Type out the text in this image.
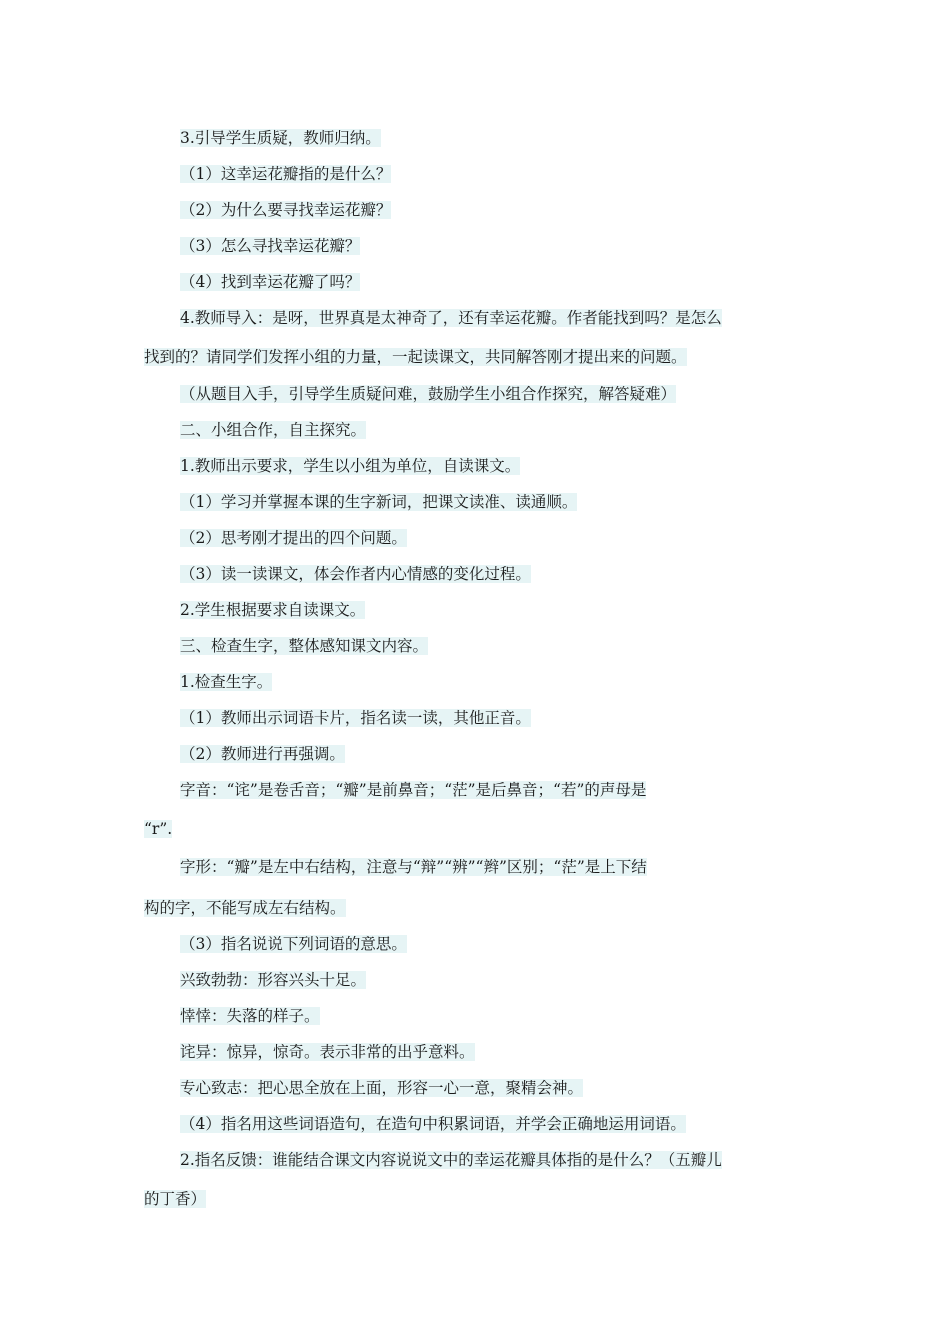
3.引导学生质疑，教师归纳。
（1）这幸运花瓣指的是什么？
（2）为什么要寻找幸运花瓣？
（3）怎么寻找幸运花瓣？
（4）找到幸运花瓣了吗？
4.教师导入：是呀，世界真是太神奇了，还有幸运花瓣。作者能找到吗？是怎么
找到的？请同学们发挥小组的力量，一起读课文，共同解答刚才提出来的问题。
（从题目入手，引导学生质疑问难，鼓励学生小组合作探究，解答疑难）
二、小组合作，自主探究。
1.教师出示要求，学生以小组为单位，自读课文。
（1）学习并掌握本课的生字新词，把课文读准、读通顺。
（2）思考刚才提出的四个问题。
（3）读一读课文，体会作者内心情感的变化过程。
2.学生根据要求自读课文。
三、检查生字，整体感知课文内容。
1.检查生字。
（1）教师出示词语卡片，指名读一读，其他正音。
（2）教师进行再强调。
字音：“诧”是卷舌音；“瓣”是前鼻音；“茫”是后鼻音；“若”的声母是
“r”.
字形：“瓣”是左中右结构，注意与“辩”“辨”“辫”区别；“茫”是上下结
构的字，不能写成左右结构。
（3）指名说说下列词语的意思。
兴致勃勃：形容兴头十足。
悻悻：失落的样子。
诧异：惊异，惊奇。表示非常的出乎意料。
专心致志：把心思全放在上面，形容一心一意，聚精会神。
（4）指名用这些词语造句，在造句中积累词语，并学会正确地运用词语。
2.指名反馈：谁能结合课文内容说说文中的幸运花瓣具体指的是什么？（五瓣儿
的丁香）
